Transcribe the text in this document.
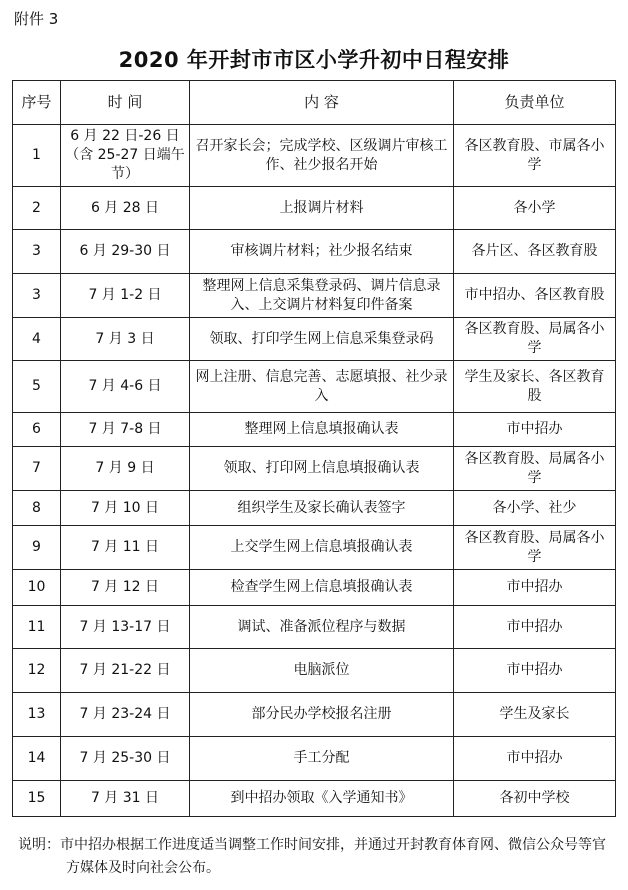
附件 3
2020 年开封市市区小学升初中日程安排
序号	时 间	内 容	负责单位
1	6 月 22 日-26 日（含 25-27 日端午节）	召开家长会；完成学校、区级调片审核工作、社少报名开始	各区教育股、市属各小学
2	6 月 28 日	上报调片材料	各小学
3	6 月 29-30 日	审核调片材料；社少报名结束	各片区、各区教育股
3	7 月 1-2 日	整理网上信息采集登录码、调片信息录入、上交调片材料复印件备案	市中招办、各区教育股
4	7 月 3 日	领取、打印学生网上信息采集登录码	各区教育股、局属各小学
5	7 月 4-6 日	网上注册、信息完善、志愿填报、社少录入	学生及家长、各区教育股
6	7 月 7-8 日	整理网上信息填报确认表	市中招办
7	7 月 9 日	领取、打印网上信息填报确认表	各区教育股、局属各小学
8	7 月 10 日	组织学生及家长确认表签字	各小学、社少
9	7 月 11 日	上交学生网上信息填报确认表	各区教育股、局属各小学
10	7 月 12 日	检查学生网上信息填报确认表	市中招办
11	7 月 13-17 日	调试、准备派位程序与数据	市中招办
12	7 月 21-22 日	电脑派位	市中招办
13	7 月 23-24 日	部分民办学校报名注册	学生及家长
14	7 月 25-30 日	手工分配	市中招办
15	7 月 31 日	到中招办领取《入学通知书》	各初中学校
说明：市中招办根据工作进度适当调整工作时间安排，并通过开封教育体育网、微信公众号等官方媒体及时向社会公布。
